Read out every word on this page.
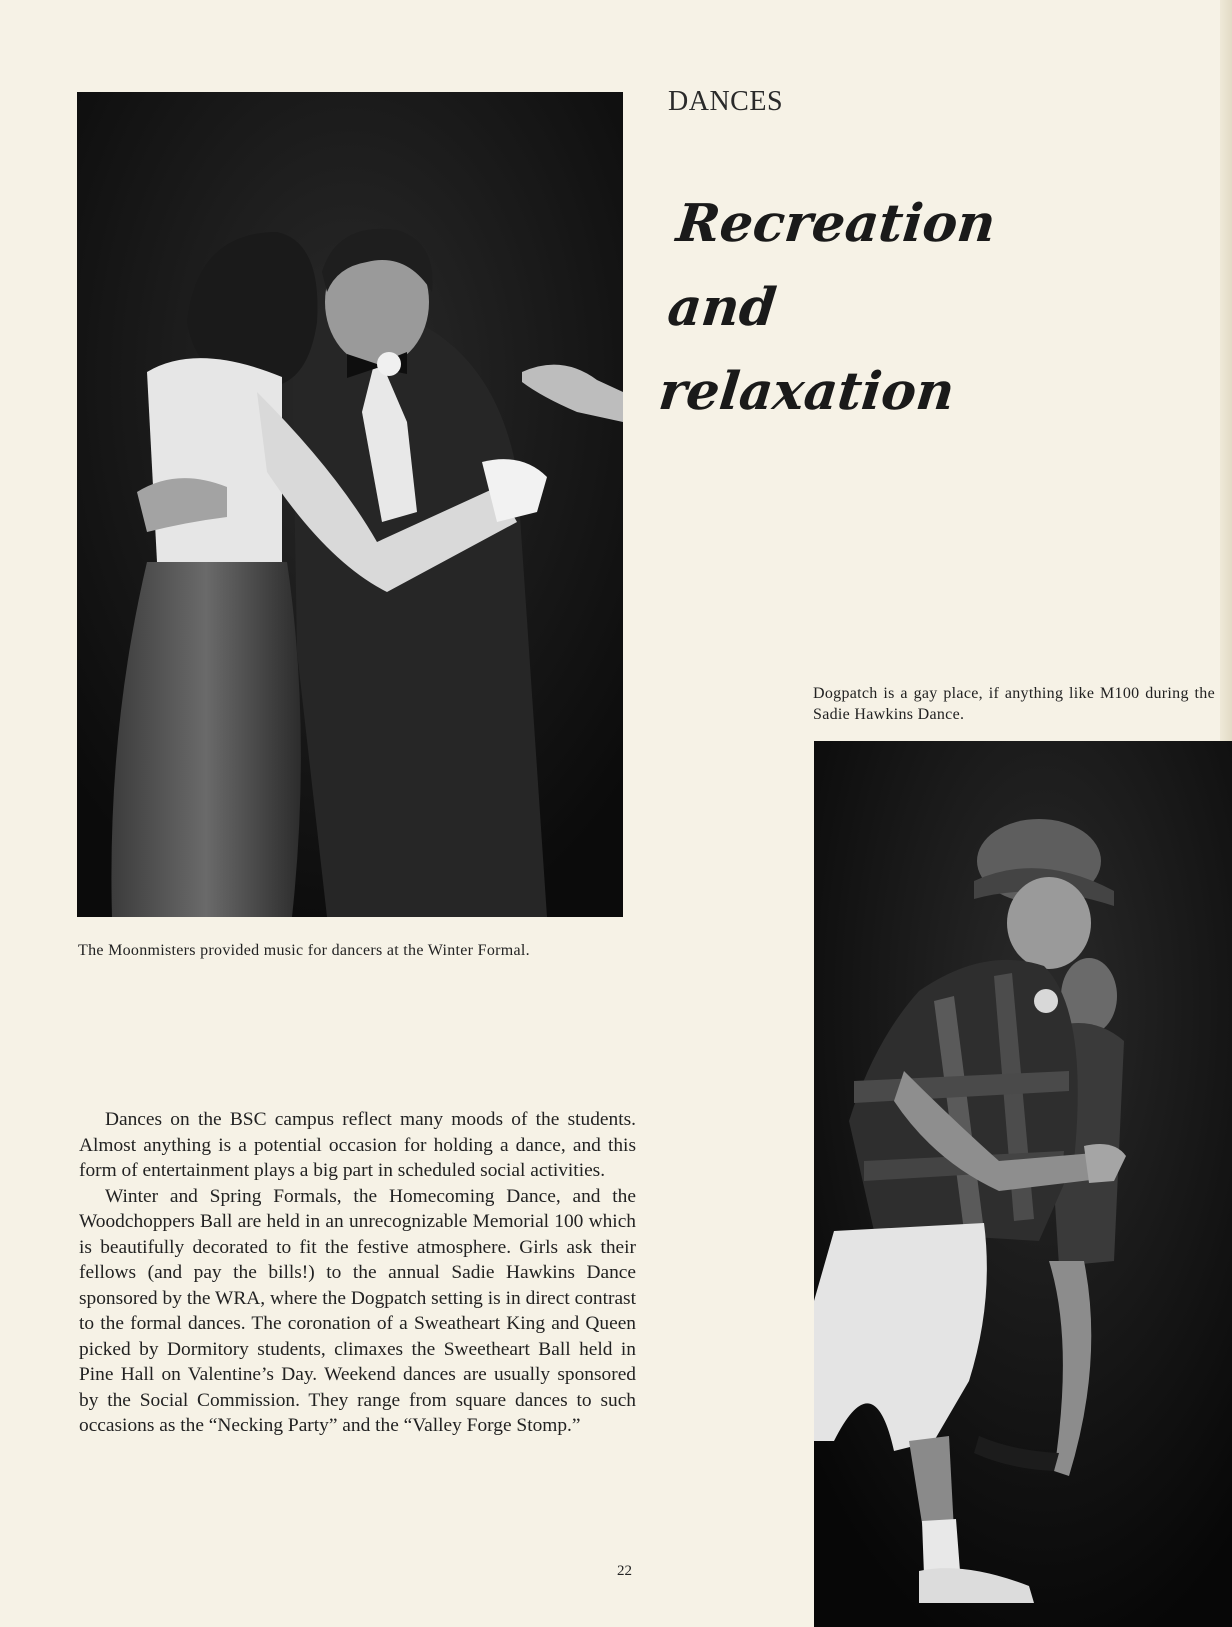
DANCES
Recreation and
relaxation
The Moonmisters provided music for dancers at the Winter Formal.
Dogpatch is a gay place, if anything like M100 during the Sadie Hawkins Dance.

Dances on the BSC campus reflect many moods of the students. Almost anything is a potential occasion for holding a dance, and this form of entertainment plays a big part in scheduled social activities.

Winter and Spring Formals, the Homecoming Dance, and the Woodchoppers Ball are held in an unrecognizable Memorial 100 which is beautifully decorated to fit the festive atmosphere. Girls ask their fellows (and pay the bills!) to the annual Sadie Hawkins Dance sponsored by the WRA, where the Dogpatch setting is in direct contrast to the formal dances. The coronation of a Sweatheart King and Queen picked by Dormitory students, climaxes the Sweetheart Ball held in Pine Hall on Valentine’s Day. Weekend dances are usually sponsored by the Social Commission. They range from square dances to such occasions as the “Necking Party” and the “Valley Forge Stomp.”

22
